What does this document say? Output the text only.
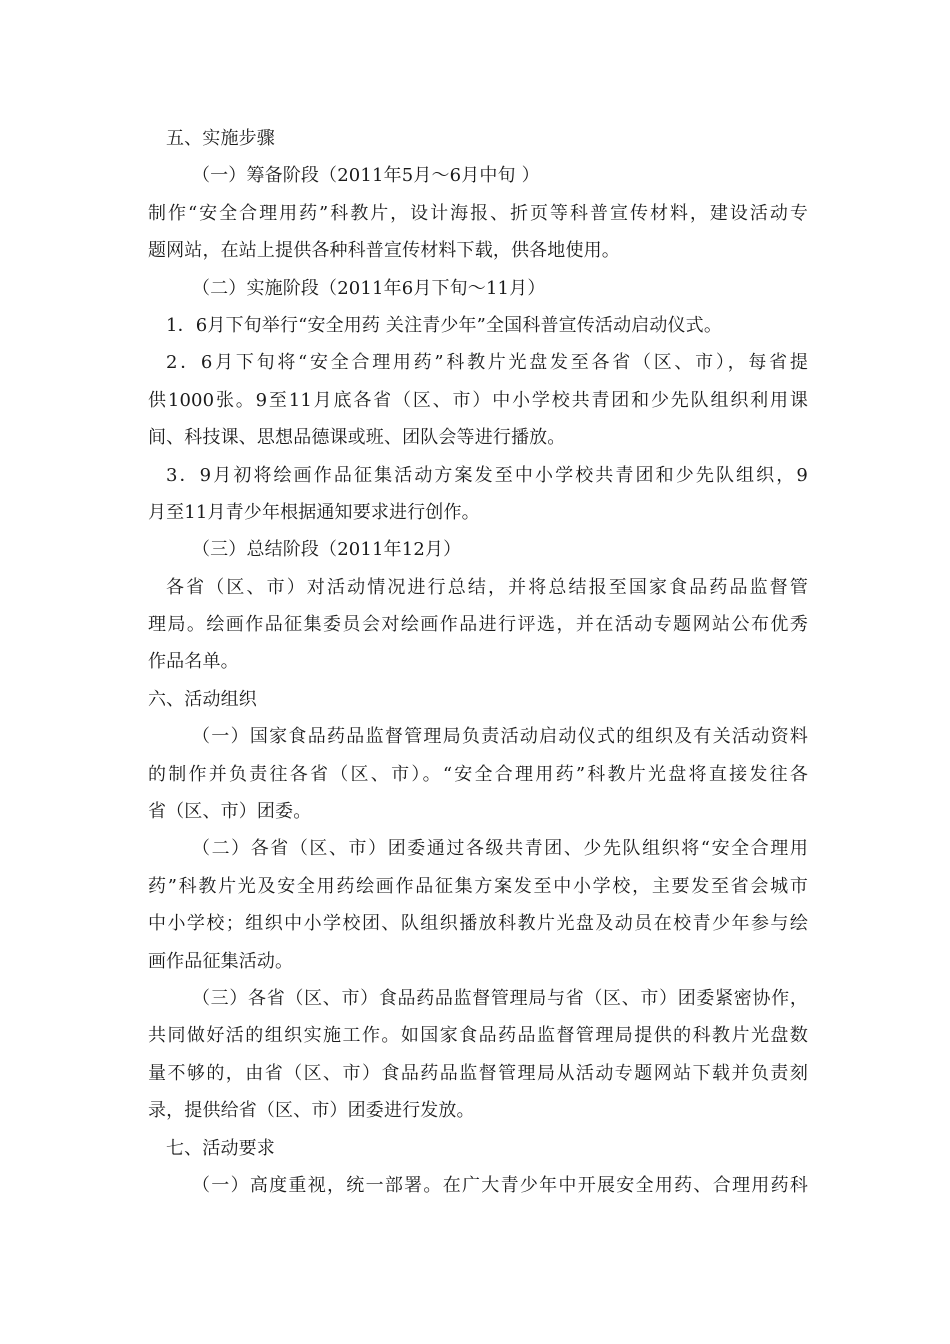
五、实施步骤
（一）筹备阶段（2011年5月～6月中旬 ）
制作“安全合理用药”科教片，设计海报、折页等科普宣传材料，建设活动专
题网站，在站上提供各种科普宣传材料下载，供各地使用。
（二）实施阶段（2011年6月下旬～11月）
1．6月下旬举行“安全用药 关注青少年”全国科普宣传活动启动仪式。
2．6月下旬将“安全合理用药”科教片光盘发至各省（区、市），每省提
供1000张。9至11月底各省（区、市）中小学校共青团和少先队组织利用课
间、科技课、思想品德课或班、团队会等进行播放。
3．9月初将绘画作品征集活动方案发至中小学校共青团和少先队组织，9
月至11月青少年根据通知要求进行创作。
（三）总结阶段（2011年12月）
各省（区、市）对活动情况进行总结，并将总结报至国家食品药品监督管
理局。绘画作品征集委员会对绘画作品进行评选，并在活动专题网站公布优秀
作品名单。
六、活动组织
（一）国家食品药品监督管理局负责活动启动仪式的组织及有关活动资料
的制作并负责往各省（区、市）。“安全合理用药”科教片光盘将直接发往各
省（区、市）团委。
（二）各省（区、市）团委通过各级共青团、少先队组织将“安全合理用
药”科教片光及安全用药绘画作品征集方案发至中小学校，主要发至省会城市
中小学校；组织中小学校团、队组织播放科教片光盘及动员在校青少年参与绘
画作品征集活动。
（三）各省（区、市）食品药品监督管理局与省（区、市）团委紧密协作，
共同做好活的组织实施工作。如国家食品药品监督管理局提供的科教片光盘数
量不够的，由省（区、市）食品药品监督管理局从活动专题网站下载并负责刻
录，提供给省（区、市）团委进行发放。
七、活动要求
（一）高度重视，统一部署。在广大青少年中开展安全用药、合理用药科
